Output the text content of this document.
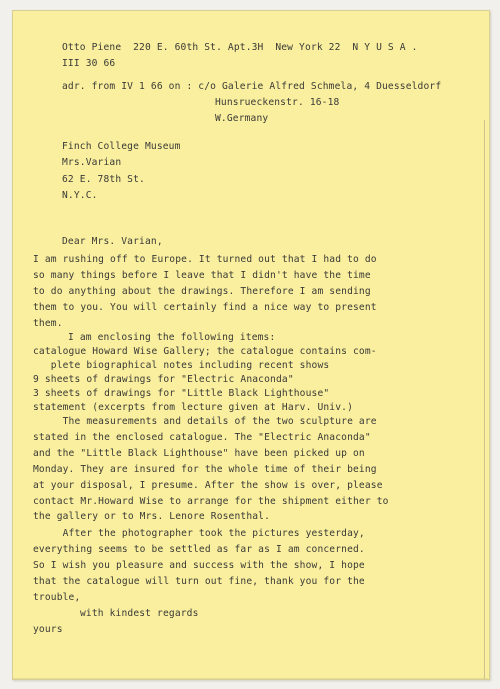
Otto Piene  220 E. 60th St. Apt.3H  New York 22  N Y U S A .
III 30 66
adr. from IV 1 66 on : c/o Galerie Alfred Schmela, 4 Duesseldorf
Hunsrueckenstr. 16-18
W.Germany
Finch College Museum
Mrs.Varian
62 E. 78th St.
N.Y.C.
Dear Mrs. Varian,
I am rushing off to Europe. It turned out that I had to do
so many things before I leave that I didn't have the time
to do anything about the drawings. Therefore I am sending
them to you. You will certainly find a nice way to present
them.
I am enclosing the following items:
catalogue Howard Wise Gallery; the catalogue contains com-
plete biographical notes including recent shows
9 sheets of drawings for "Electric Anaconda"
3 sheets of drawings for "Little Black Lighthouse"
statement (excerpts from lecture given at Harv. Univ.)
The measurements and details of the two sculpture are
stated in the enclosed catalogue. The "Electric Anaconda"
and the "Little Black Lighthouse" have been picked up on
Monday. They are insured for the whole time of their being
at your disposal, I presume. After the show is over, please
contact Mr.Howard Wise to arrange for the shipment either to
the gallery or to Mrs. Lenore Rosenthal.
After the photographer took the pictures yesterday,
everything seems to be settled as far as I am concerned.
So I wish you pleasure and success with the show, I hope
that the catalogue will turn out fine, thank you for the
trouble,
with kindest regards
yours
